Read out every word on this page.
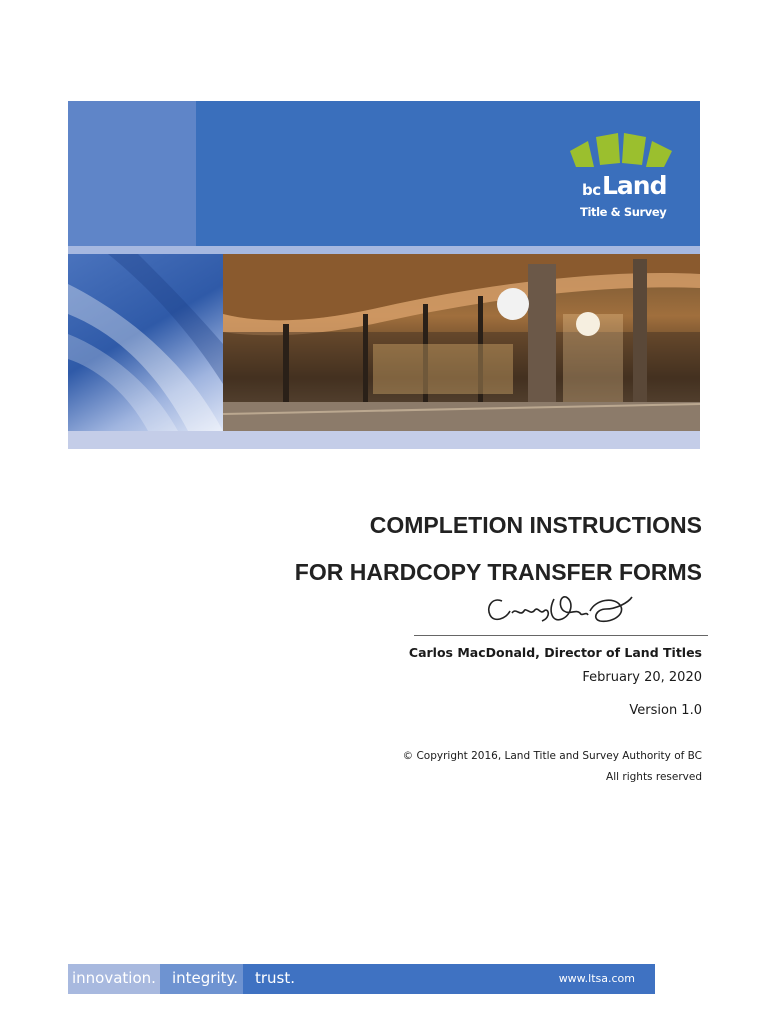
bc Land
Title & Survey
COMPLETION INSTRUCTIONS
FOR HARDCOPY TRANSFER FORMS
Carlos MacDonald, Director of Land Titles
February 20, 2020
Version 1.0
© Copyright 2016, Land Title and Survey Authority of BC
All rights reserved
innovation. integrity. trust.	www.ltsa.com
